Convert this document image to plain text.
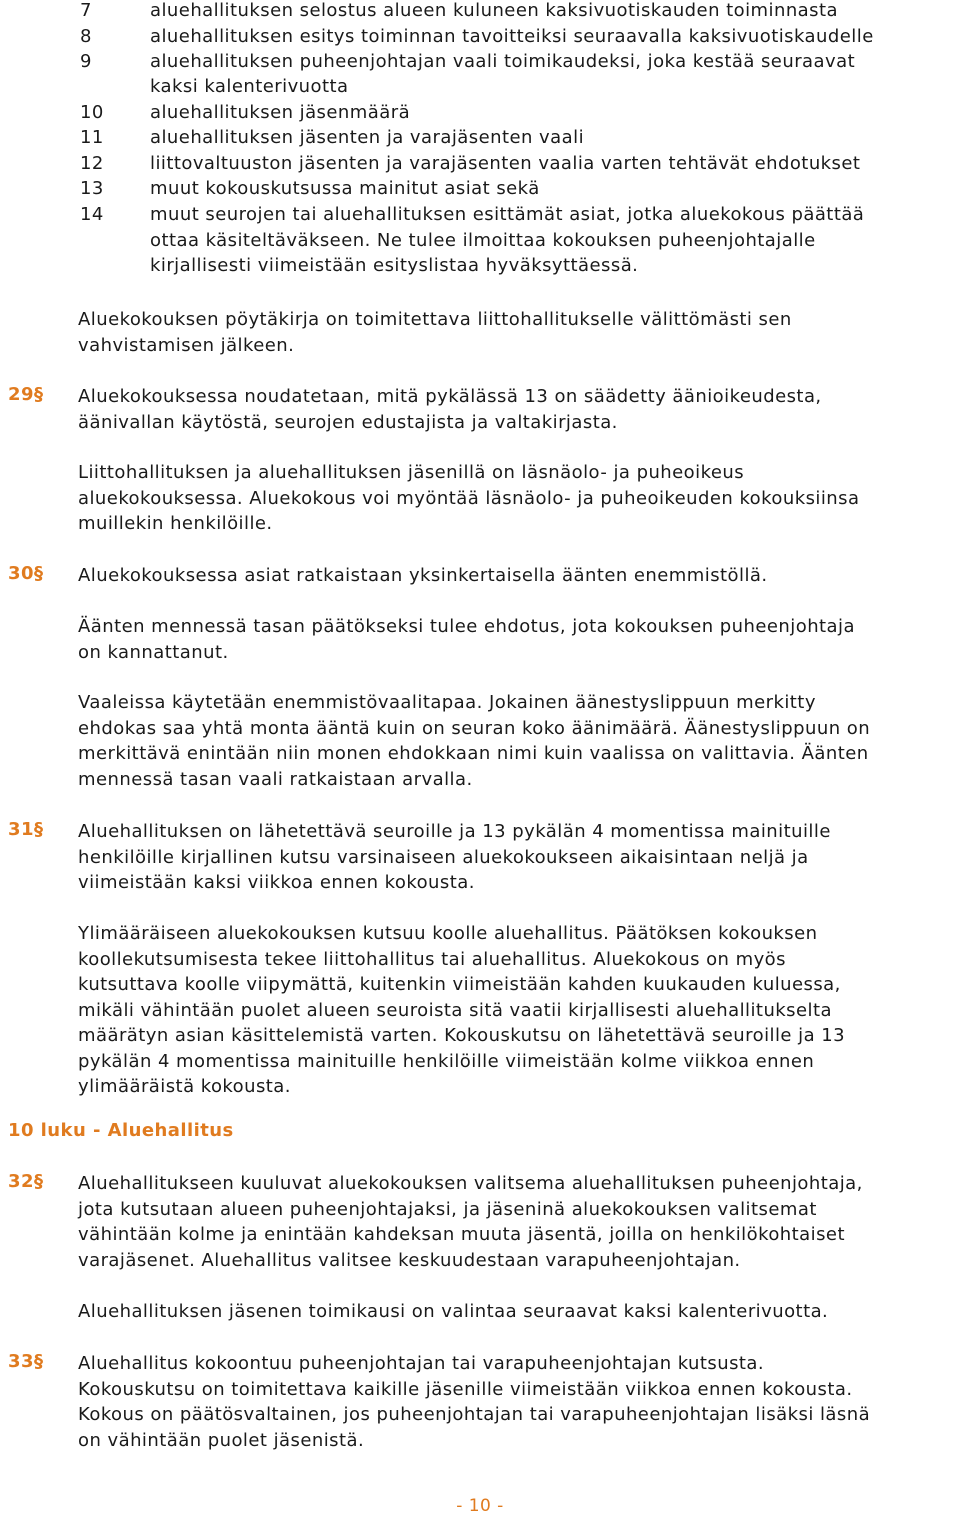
7	aluehallituksen selostus alueen kuluneen kaksivuotiskauden toiminnasta
8	aluehallituksen esitys toiminnan tavoitteiksi seuraavalla kaksivuotiskaudelle
9	aluehallituksen puheenjohtajan vaali toimikaudeksi, joka kestää seuraavat
kaksi kalenterivuotta
10	aluehallituksen jäsenmäärä
11	aluehallituksen jäsenten ja varajäsenten vaali
12	liittovaltuuston jäsenten ja varajäsenten vaalia varten tehtävät ehdotukset
13	muut kokouskutsussa mainitut asiat sekä
14	muut seurojen tai aluehallituksen esittämät asiat, jotka aluekokous päättää
ottaa käsiteltäväkseen. Ne tulee ilmoittaa kokouksen puheenjohtajalle
kirjallisesti viimeistään esityslistaa hyväksyttäessä.
Aluekokouksen pöytäkirja on toimitettava liittohallitukselle välittömästi sen
vahvistamisen jälkeen.
29§ Aluekokouksessa noudatetaan, mitä pykälässä 13 on säädetty äänioikeudesta,
äänivallan käytöstä, seurojen edustajista ja valtakirjasta.
Liittohallituksen ja aluehallituksen jäsenillä on läsnäolo- ja puheoikeus
aluekokouksessa. Aluekokous voi myöntää läsnäolo- ja puheoikeuden kokouksiinsa
muillekin henkilöille.
30§ Aluekokouksessa asiat ratkaistaan yksinkertaisella äänten enemmistöllä.
Äänten mennessä tasan päätökseksi tulee ehdotus, jota kokouksen puheenjohtaja
on kannattanut.
Vaaleissa käytetään enemmistövaalitapaa. Jokainen äänestyslippuun merkitty
ehdokas saa yhtä monta ääntä kuin on seuran koko äänimäärä. Äänestyslippuun on
merkittävä enintään niin monen ehdokkaan nimi kuin vaalissa on valittavia. Äänten
mennessä tasan vaali ratkaistaan arvalla.
31§ Aluehallituksen on lähetettävä seuroille ja 13 pykälän 4 momentissa mainituille
henkilöille kirjallinen kutsu varsinaiseen aluekokoukseen aikaisintaan neljä ja
viimeistään kaksi viikkoa ennen kokousta.
Ylimääräiseen aluekokouksen kutsuu koolle aluehallitus. Päätöksen kokouksen
koollekutsumisesta tekee liittohallitus tai aluehallitus. Aluekokous on myös
kutsuttava koolle viipymättä, kuitenkin viimeistään kahden kuukauden kuluessa,
mikäli vähintään puolet alueen seuroista sitä vaatii kirjallisesti aluehallitukselta
määrätyn asian käsittelemistä varten. Kokouskutsu on lähetettävä seuroille ja 13
pykälän 4 momentissa mainituille henkilöille viimeistään kolme viikkoa ennen
ylimääräistä kokousta.
10 luku - Aluehallitus
32§ Aluehallitukseen kuuluvat aluekokouksen valitsema aluehallituksen puheenjohtaja,
jota kutsutaan alueen puheenjohtajaksi, ja jäseninä aluekokouksen valitsemat
vähintään kolme ja enintään kahdeksan muuta jäsentä, joilla on henkilökohtaiset
varajäsenet. Aluehallitus valitsee keskuudestaan varapuheenjohtajan.
Aluehallituksen jäsenen toimikausi on valintaa seuraavat kaksi kalenterivuotta.
33§ Aluehallitus kokoontuu puheenjohtajan tai varapuheenjohtajan kutsusta.
Kokouskutsu on toimitettava kaikille jäsenille viimeistään viikkoa ennen kokousta.
Kokous on päätösvaltainen, jos puheenjohtajan tai varapuheenjohtajan lisäksi läsnä
on vähintään puolet jäsenistä.
- 10 -
